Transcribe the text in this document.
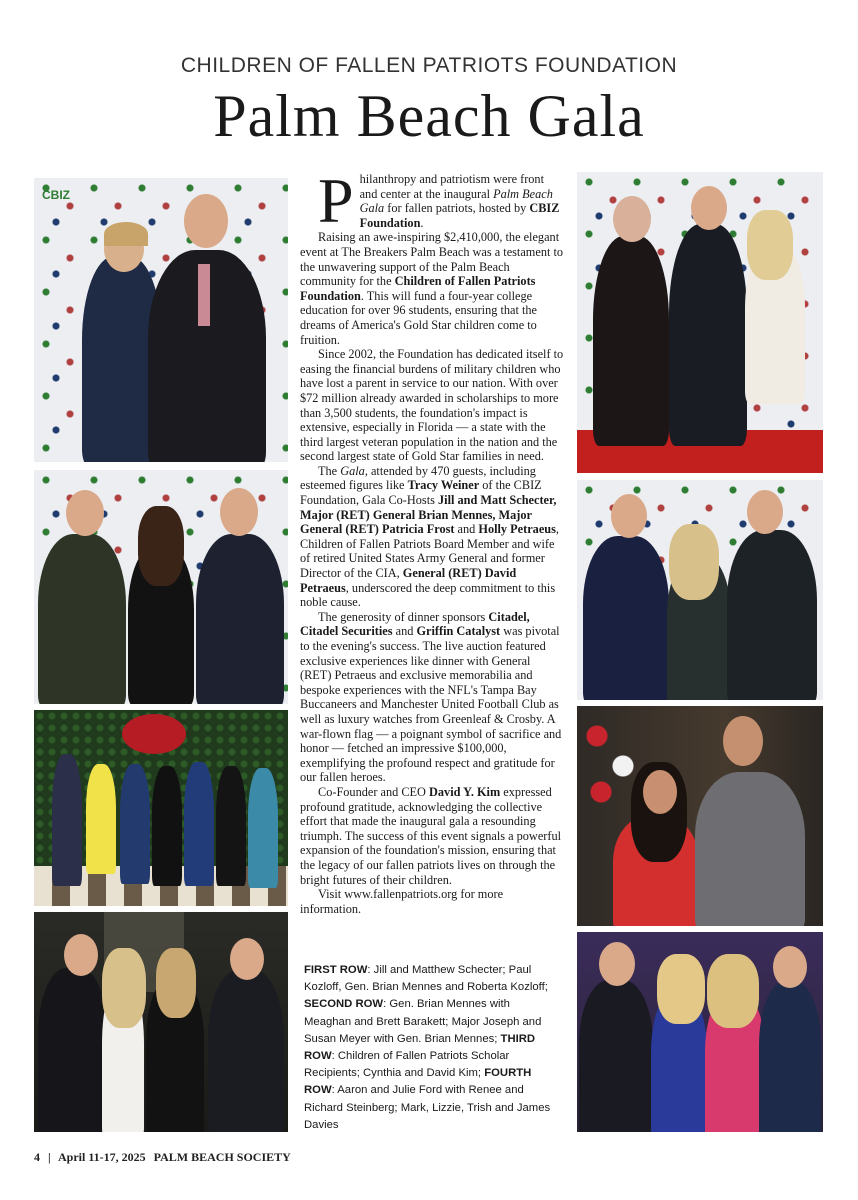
CHILDREN OF FALLEN PATRIOTS FOUNDATION
Palm Beach Gala
CBIZ	Philanthropy and patriotism were front and center at the inaugural Palm Beach Gala for fallen patriots, hosted by CBIZ Foundation.

Raising an awe-inspiring $2,410,000, the elegant event at The Breakers Palm Beach was a testament to the unwavering support of the Palm Beach community for the Children of Fallen Patriots Foundation. This will fund a four-year college education for over 96 students, ensuring that the dreams of America's Gold Star children come to fruition.

Since 2002, the Foundation has dedicated itself to easing the financial burdens of military children who have lost a parent in service to our nation. With over $72 million already awarded in scholarships to more than 3,500 students, the foundation's impact is extensive, especially in Florida — a state with the third largest veteran population in the nation and the second largest state of Gold Star families in need.

The Gala, attended by 470 guests, including esteemed figures like Tracy Weiner of the CBIZ Foundation, Gala Co-Hosts Jill and Matt Schecter, Major (RET) General Brian Mennes, Major General (RET) Patricia Frost and Holly Petraeus, Children of Fallen Patriots Board Member and wife of retired United States Army General and former Director of the CIA, General (RET) David Petraeus, underscored the deep commitment to this noble cause.

The generosity of dinner sponsors Citadel, Citadel Securities and Griffin Catalyst was pivotal to the evening's success. The live auction featured exclusive experiences like dinner with General (RET) Petraeus and exclusive memorabilia and bespoke experiences with the NFL's Tampa Bay Buccaneers and Manchester United Football Club as well as luxury watches from Greenleaf & Crosby. A war-flown flag — a poignant symbol of sacrifice and honor — fetched an impressive $100,000, exemplifying the profound respect and gratitude for our fallen heroes.

Co-Founder and CEO David Y. Kim expressed profound gratitude, acknowledging the collective effort that made the inaugural gala a resounding triumph. The success of this event signals a powerful expansion of the foundation's mission, ensuring that the legacy of our fallen patriots lives on through the bright futures of their children.

Visit www.fallenpatriots.org for more information.

FIRST ROW: Jill and Matthew Schecter; Paul Kozloff, Gen. Brian Mennes and Roberta Kozloff; SECOND ROW: Gen. Brian Mennes with Meaghan and Brett Barakett; Major Joseph and Susan Meyer with Gen. Brian Mennes; THIRD ROW: Children of Fallen Patriots Scholar Recipients; Cynthia and David Kim; FOURTH ROW: Aaron and Julie Ford with Renee and Richard Steinberg; Mark, Lizzie, Trish and James Davies
4 | April 11-17, 2025 PALM BEACH SOCIETY
